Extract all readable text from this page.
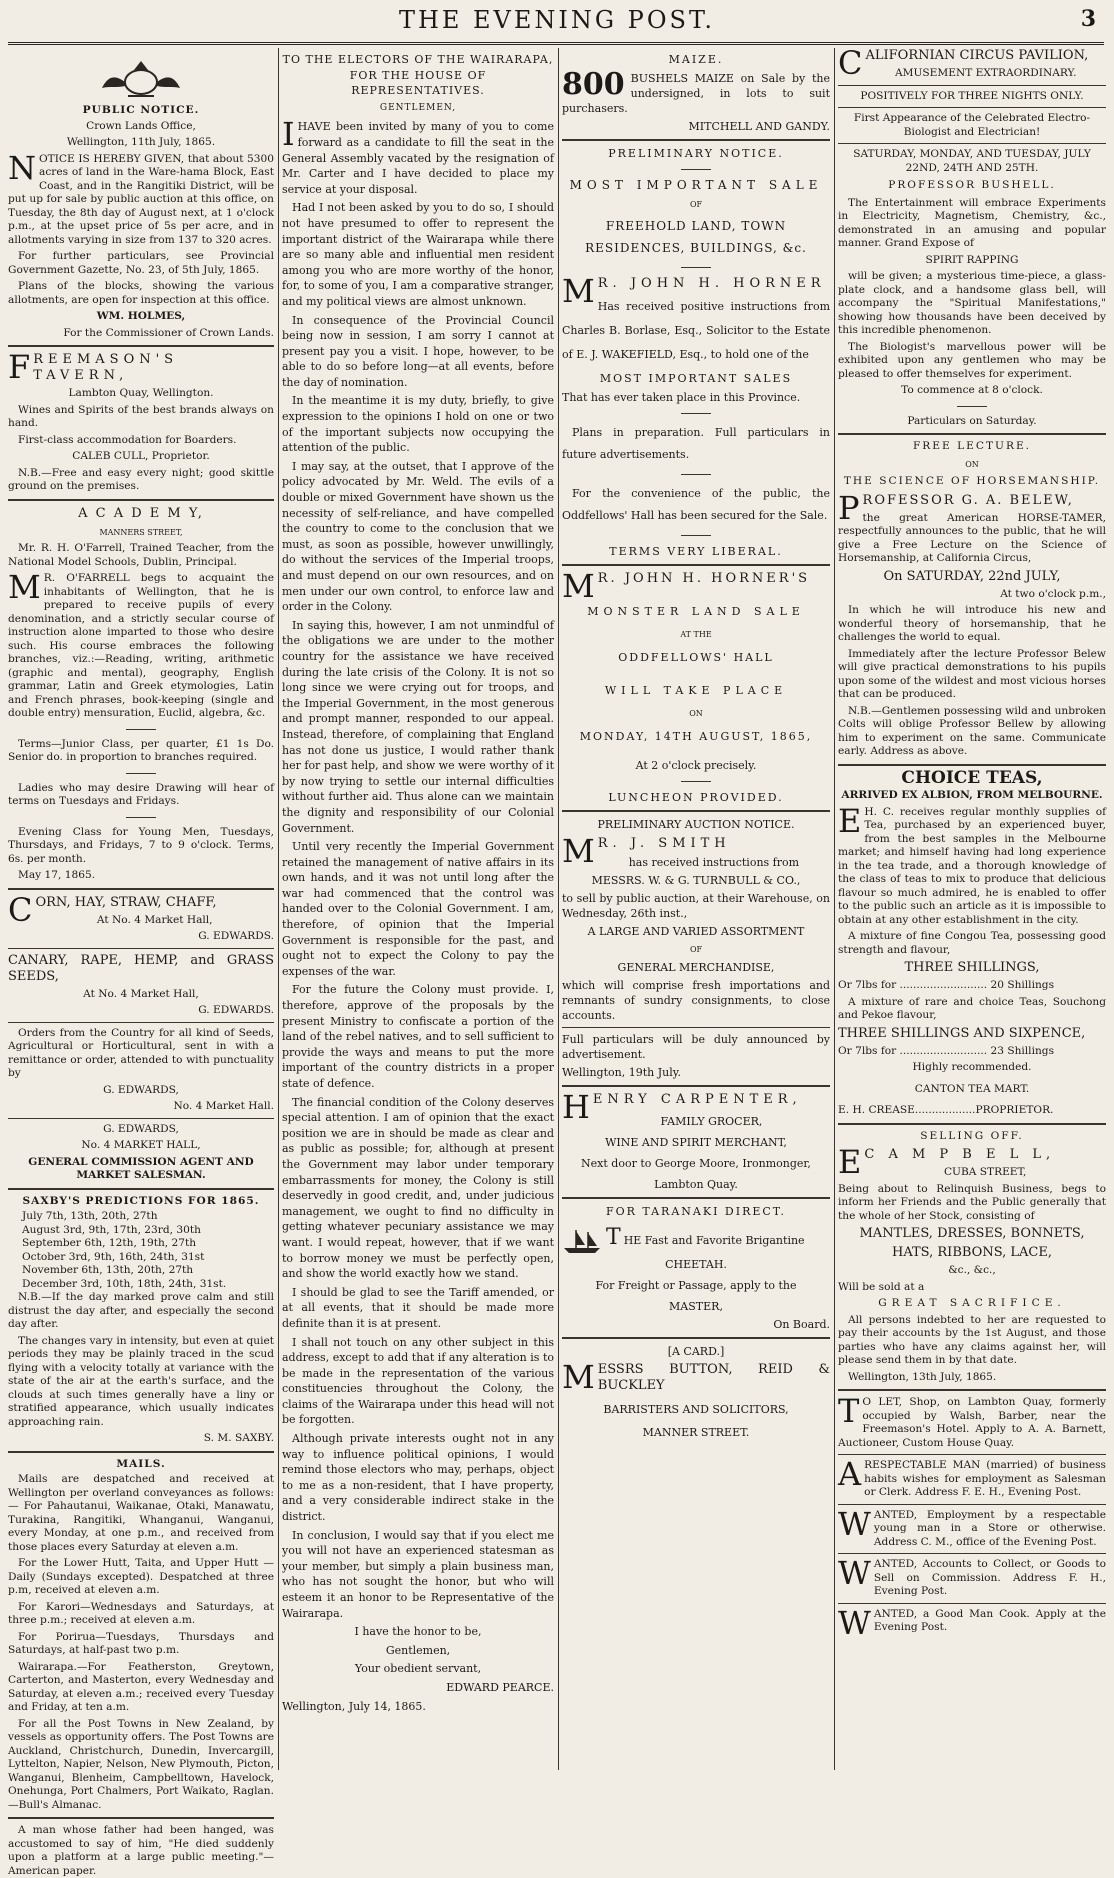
THE EVENING POST.	3
PUBLIC NOTICE.

Crown Lands Office,

Wellington, 11th July, 1865.

NOTICE IS HEREBY GIVEN, that about 5300 acres of land in the Ware-hama Block, East Coast, and in the Rangitiki District, will be put up for sale by public auction at this office, on Tuesday, the 8th day of August next, at 1 o'clock p.m., at the upset price of 5s per acre, and in allotments varying in size from 137 to 320 acres.

For further particulars, see Provincial Government Gazette, No. 23, of 5th July, 1865.

Plans of the blocks, showing the various allotments, are open for inspection at this office.

WM. HOLMES,

For the Commissioner of Crown Lands.

FREEMASON'S TAVERN,

Lambton Quay, Wellington.

Wines and Spirits of the best brands always on hand.

First-class accommodation for Boarders.

CALEB CULL, Proprietor.

N.B.—Free and easy every night; good skittle ground on the premises.

A C A D E M Y,

MANNERS STREET,

Mr. R. H. O'Farrell, Trained Teacher, from the National Model Schools, Dublin, Principal.

M R. O'FARRELL begs to acquaint the inhabitants of Wellington, that he is prepared to receive pupils of every denomination, and a strictly secular course of instruction alone imparted to those who desire such. His course embraces the following branches, viz.:—Reading, writing, arithmetic (graphic and mental), geography, English grammar, Latin and Greek etymologies, Latin and French phrases, book-keeping (single and double entry) mensuration, Euclid, algebra, &c.

Terms—Junior Class, per quarter, £1 1s Do. Senior do. in proportion to branches required.

Ladies who may desire Drawing will hear of terms on Tuesdays and Fridays.

Evening Class for Young Men, Tuesdays, Thursdays, and Fridays, 7 to 9 o'clock. Terms, 6s. per month.

May 17, 1865.

CORN, HAY, STRAW, CHAFF,

At No. 4 Market Hall,

G. EDWARDS.

CANARY, RAPE, HEMP, and GRASS SEEDS,

At No. 4 Market Hall,

G. EDWARDS.

Orders from the Country for all kind of Seeds, Agricultural or Horticultural, sent in with a remittance or order, attended to with punctuality by

G. EDWARDS,

No. 4 Market Hall.

G. EDWARDS,

No. 4 MARKET HALL,

GENERAL COMMISSION AGENT AND MARKET SALESMAN.

SAXBY'S PREDICTIONS FOR 1865.

July 7th, 13th, 20th, 27th

August 3rd, 9th, 17th, 23rd, 30th

September 6th, 12th, 19th, 27th

October 3rd, 9th, 16th, 24th, 31st

November 6th, 13th, 20th, 27th

December 3rd, 10th, 18th, 24th, 31st.

N.B.—If the day marked prove calm and still distrust the day after, and especially the second day after.

The changes vary in intensity, but even at quiet periods they may be plainly traced in the scud flying with a velocity totally at variance with the state of the air at the earth's surface, and the clouds at such times generally have a liny or stratified appearance, which usually indicates approaching rain.

S. M. SAXBY.

MAILS.

Mails are despatched and received at Wellington per overland conveyances as follows:— For Pahautanui, Waikanae, Otaki, Manawatu, Turakina, Rangitiki, Whanganui, Wanganui, every Monday, at one p.m., and received from those places every Saturday at eleven a.m.

For the Lower Hutt, Taita, and Upper Hutt —Daily (Sundays excepted). Despatched at three p.m, received at eleven a.m.

For Karori—Wednesdays and Saturdays, at three p.m.; received at eleven a.m.

For Porirua—Tuesdays, Thursdays and Saturdays, at half-past two p.m.

Wairarapa.—For Featherston, Greytown, Carterton, and Masterton, every Wednesday and Saturday, at eleven a.m.; received every Tuesday and Friday, at ten a.m.

For all the Post Towns in New Zealand, by vessels as opportunity offers. The Post Towns are Auckland, Christchurch, Dunedin, Invercargill, Lyttelton, Napier, Nelson, New Plymouth, Picton, Wanganui, Blenheim, Campbelltown, Havelock, Onehunga, Port Chalmers, Port Waikato, Raglan.—Bull's Almanac.

A man whose father had been hanged, was accustomed to say of him, "He died suddenly upon a platform at a large public meeting."—American paper.

TO THE ELECTORS OF THE WAIRARAPA, FOR THE HOUSE OF REPRESENTATIVES.

GENTLEMEN,

IHAVE been invited by many of you to come forward as a candidate to fill the seat in the General Assembly vacated by the resignation of Mr. Carter and I have decided to place my service at your disposal.

Had I not been asked by you to do so, I should not have presumed to offer to represent the important district of the Wairarapa while there are so many able and influential men resident among you who are more worthy of the honor, for, to some of you, I am a comparative stranger, and my political views are almost unknown.

In consequence of the Provincial Council being now in session, I am sorry I cannot at present pay you a visit. I hope, however, to be able to do so before long—at all events, before the day of nomination.

In the meantime it is my duty, briefly, to give expression to the opinions I hold on one or two of the important subjects now occupying the attention of the public.

I may say, at the outset, that I approve of the policy advocated by Mr. Weld. The evils of a double or mixed Government have shown us the necessity of self-reliance, and have compelled the country to come to the conclusion that we must, as soon as possible, however unwillingly, do without the services of the Imperial troops, and must depend on our own resources, and on men under our own control, to enforce law and order in the Colony.

In saying this, however, I am not unmindful of the obligations we are under to the mother country for the assistance we have received during the late crisis of the Colony. It is not so long since we were crying out for troops, and the Imperial Government, in the most generous and prompt manner, responded to our appeal. Instead, therefore, of complaining that England has not done us justice, I would rather thank her for past help, and show we were worthy of it by now trying to settle our internal difficulties without further aid. Thus alone can we maintain the dignity and responsibility of our Colonial Government.

Until very recently the Imperial Government retained the management of native affairs in its own hands, and it was not until long after the war had commenced that the control was handed over to the Colonial Government. I am, therefore, of opinion that the Imperial Government is responsible for the past, and ought not to expect the Colony to pay the expenses of the war.

For the future the Colony must provide. I, therefore, approve of the proposals by the present Ministry to confiscate a portion of the land of the rebel natives, and to sell sufficient to provide the ways and means to put the more important of the country districts in a proper state of defence.

The financial condition of the Colony deserves special attention. I am of opinion that the exact position we are in should be made as clear and as public as possible; for, although at present the Government may labor under temporary embarrassments for money, the Colony is still deservedly in good credit, and, under judicious management, we ought to find no difficulty in getting whatever pecuniary assistance we may want. I would repeat, however, that if we want to borrow money we must be perfectly open, and show the world exactly how we stand.

I should be glad to see the Tariff amended, or at all events, that it should be made more definite than it is at present.

I shall not touch on any other subject in this address, except to add that if any alteration is to be made in the representation of the various constituencies throughout the Colony, the claims of the Wairarapa under this head will not be forgotten.

Although private interests ought not in any way to influence political opinions, I would remind those electors who may, perhaps, object to me as a non-resident, that I have property, and a very considerable indirect stake in the district.

In conclusion, I would say that if you elect me you will not have an experienced statesman as your member, but simply a plain business man, who has not sought the honor, but who will esteem it an honor to be Representative of the Wairarapa.

I have the honor to be,

Gentlemen,

Your obedient servant,

EDWARD PEARCE.

Wellington, July 14, 1865.

MAIZE.

800 BUSHELS MAIZE on Sale by the undersigned, in lots to suit purchasers.

MITCHELL AND GANDY.

PRELIMINARY NOTICE.
MOST IMPORTANT SALE

OF

FREEHOLD LAND, TOWN RESIDENCES, BUILDINGS, &c.

M R. JOHN H. HORNER

Has received positive instructions from Charles B. Borlase, Esq., Solicitor to the Estate of E. J. WAKEFIELD, Esq., to hold one of the

MOST IMPORTANT SALES

That has ever taken place in this Province.

Plans in preparation. Full particulars in future advertisements.

For the convenience of the public, the Oddfellows' Hall has been secured for the Sale.

TERMS VERY LIBERAL.

M R. JOHN H. HORNER'S

MONSTER LAND SALE

AT THE

ODDFELLOWS' HALL
WILL TAKE PLACE

ON

MONDAY, 14TH AUGUST, 1865,

At 2 o'clock precisely.

LUNCHEON PROVIDED.
PRELIMINARY AUCTION NOTICE.

M R. J. SMITH

has received instructions from

MESSRS. W. & G. TURNBULL & CO.,

to sell by public auction, at their Warehouse, on Wednesday, 26th inst.,

A LARGE AND VARIED ASSORTMENT

OF

GENERAL MERCHANDISE,

which will comprise fresh importations and remnants of sundry consignments, to close accounts.

Full particulars will be duly announced by advertisement.

Wellington, 19th July.

HENRY CARPENTER,

FAMILY GROCER,

WINE AND SPIRIT MERCHANT,

Next door to George Moore, Ironmonger,

Lambton Quay.

FOR TARANAKI DIRECT.

THE Fast and Favorite Brigantine

CHEETAH.

For Freight or Passage, apply to the

MASTER,

On Board.

[A CARD.]

MESSRS BUTTON, REID & BUCKLEY

BARRISTERS AND SOLICITORS,

MANNER STREET.

CALIFORNIAN CIRCUS PAVILION,

AMUSEMENT EXTRAORDINARY.

POSITIVELY FOR THREE NIGHTS ONLY.

First Appearance of the Celebrated Electro-Biologist and Electrician!

SATURDAY, MONDAY, AND TUESDAY, JULY 22ND, 24TH AND 25TH.

PROFESSOR BUSHELL.

The Entertainment will embrace Experiments in Electricity, Magnetism, Chemistry, &c., demonstrated in an amusing and popular manner. Grand Expose of

SPIRIT RAPPING

will be given; a mysterious time-piece, a glass-plate clock, and a handsome glass bell, will accompany the "Spiritual Manifestations," showing how thousands have been deceived by this incredible phenomenon.

The Biologist's marvellous power will be exhibited upon any gentlemen who may be pleased to offer themselves for experiment.

To commence at 8 o'clock.

Particulars on Saturday.

FREE LECTURE.

ON

THE SCIENCE OF HORSEMANSHIP.

PROFESSOR G. A. BELEW,

the great American HORSE-TAMER, respectfully announces to the public, that he will give a Free Lecture on the Science of Horsemanship, at California Circus,

On SATURDAY, 22nd JULY,

At two o'clock p.m.,

In which he will introduce his new and wonderful theory of horsemanship, that he challenges the world to equal.

Immediately after the lecture Professor Belew will give practical demonstrations to his pupils upon some of the wildest and most vicious horses that can be produced.

N.B.—Gentlemen possessing wild and unbroken Colts will oblige Professor Bellew by allowing him to experiment on the same. Communicate early. Address as above.

CHOICE TEAS,

ARRIVED EX ALBION, FROM MELBOURNE.

E H. C. receives regular monthly supplies of Tea, purchased by an experienced buyer, from the best samples in the Melbourne market; and himself having had long experience in the tea trade, and a thorough knowledge of the class of teas to mix to produce that delicious flavour so much admired, he is enabled to offer to the public such an article as it is impossible to obtain at any other establishment in the city.

A mixture of fine Congou Tea, possessing good strength and flavour,

THREE SHILLINGS,

Or 7lbs for .......................... 20 Shillings

A mixture of rare and choice Teas, Souchong and Pekoe flavour,

THREE SHILLINGS AND SIXPENCE,

Or 7lbs for .......................... 23 Shillings

Highly recommended.

CANTON TEA MART.

E. H. CREASE..................PROPRIETOR.

SELLING OFF.

E C A M P B E L L,

CUBA STREET,

Being about to Relinquish Business, begs to inform her Friends and the Public generally that the whole of her Stock, consisting of

MANTLES, DRESSES, BONNETS,

HATS, RIBBONS, LACE,

&c., &c.,

Will be sold at a

GREAT SACRIFICE.

All persons indebted to her are requested to pay their accounts by the 1st August, and those parties who have any claims against her, will please send them in by that date.

Wellington, 13th July, 1865.

T O LET, Shop, on Lambton Quay, formerly occupied by Walsh, Barber, near the Freemason's Hotel. Apply to A. A. Barnett, Auctioneer, Custom House Quay.

ARESPECTABLE MAN (married) of business habits wishes for employment as Salesman or Clerk. Address F. E. H., Evening Post.

WANTED, Employment by a respectable young man in a Store or otherwise. Address C. M., office of the Evening Post.

WANTED, Accounts to Collect, or Goods to Sell on Commission. Address F. H., Evening Post.

WANTED, a Good Man Cook. Apply at the Evening Post.
